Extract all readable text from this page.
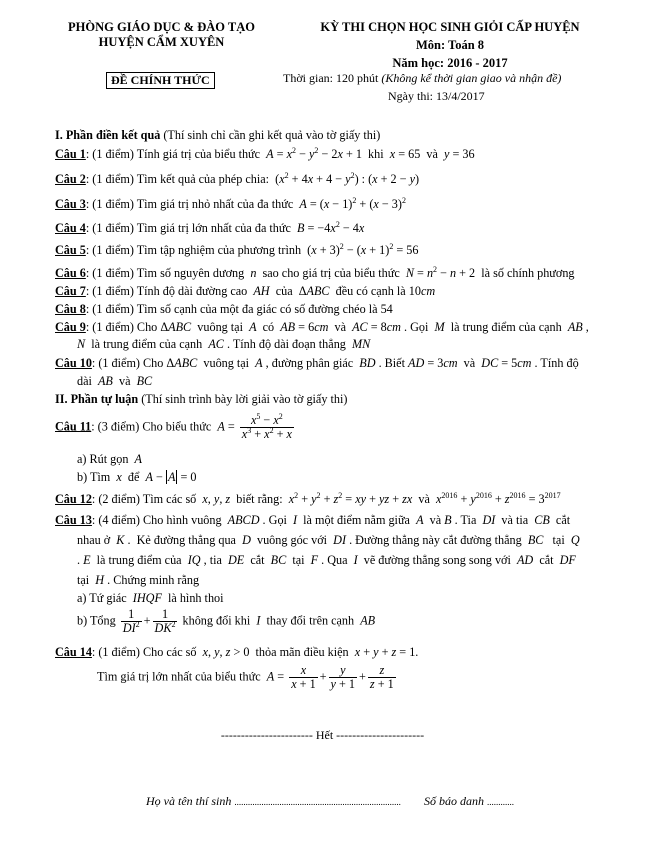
PHÒNG GIÁO DỤC & ĐÀO TẠO
HUYỆN CẨM XUYÊN
KỲ THI CHỌN HỌC SINH GIỎI CẤP HUYỆN
Môn: Toán 8
Năm học: 2016 - 2017
ĐỀ CHÍNH THỨC	Thời gian: 120 phút (Không kể thời gian giao và nhận đề)
Ngày thi: 13/4/2017
I. Phần điền kết quả (Thí sinh chỉ cần ghi kết quả vào tờ giấy thi)
Câu 1: (1 điểm) Tính giá trị của biểu thức  $A = x^2 - y^2 - 2x + 1$  khi  x = 65  và  y = 36
Câu 2: (1 điểm) Tìm kết quả của phép chia:  $(x^2 + 4x + 4 - y^2)$ : (x + 2 − y)
Câu 3: (1 điểm) Tìm giá trị nhỏ nhất của đa thức $A = (x - 1)^2 + (x - 3)^2$
Câu 4: (1 điểm) Tìm giá trị lớn nhất của đa thức $B = -4x^2 - 4x$
Câu 5: (1 điểm) Tìm tập nghiệm của phương trình  $(x + 3)^2 - (x + 1)^2 = 56$
Câu 6: (1 điểm) Tìm số nguyên dương n  sao cho giá trị của biểu thức  $N = n^2 - n + 2$  là số chính phương
Câu 7: (1 điểm) Tính độ dài đường cao AH  của  ΔABC  đều có cạnh là 10cm
Câu 8: (1 điểm) Tìm số cạnh của một đa giác có số đường chéo là 54
Câu 9: (1 điểm) Cho ΔABC  vuông tại  A  có  AB = 6cm  và  AC = 8cm . Gọi  M  là trung điểm của cạnh  AB ,
N  là trung điểm của cạnh  AC . Tính độ dài đoạn thẳng  MN
Câu 10: (1 điểm) Cho ΔABC  vuông tại  A , đường phân giác  BD . Biết AD = 3cm  và  DC = 5cm . Tính độ
dài  AB  và  BC
II. Phần tự luận (Thí sinh trình bày lời giải vào tờ giấy thi)
Câu 11: (3 điểm) Cho biểu thức $A = \frac{x^5 - x^2}{x^3 + x^2 + x}$
a) Rút gọn  A
b) Tìm  x  để  A − A = 0
Câu 12: (2 điểm) Tìm các số x, y, z  biết rằng:  $x^2 + y^2 + z^2$ = xy + yz + zx  và  $x^{2016} + y^{2016} + z^{2016} = 3^{2017}$
Câu 13: (4 điểm) Cho hình vuông ABCD . Gọi  I  là một điểm nằm giữa  A  và B . Tia  DI  và tia  CB  cắt
nhau ở  K .  Kẻ đường thẳng qua  D  vuông góc với  DI . Đường thẳng này cắt đường thẳng  BC   tại  Q
. E  là trung điểm của  IQ , tia  DE  cắt  BC  tại  F . Qua  I  vẽ đường thẳng song song với  AD  cắt  DF
tại  H . Chứng minh rằng
a) Tứ giác  IHQF  là hình thoi
b) Tổng $\frac{1}{DI^2} + \frac{1}{DK^2}$ không đổi khi  I  thay đổi trên cạnh  AB
Câu 14: (1 điểm) Cho các số x, y, z > 0  thỏa mãn điều kiện  x + y + z = 1.
Tìm giá trị lớn nhất của biểu thức  $A = \frac{x}{x + 1} + \frac{y}{y + 1} + \frac{z}{z + 1}$
----------------------- Hết ----------------------
Họ và tên thí sinh .......................................................................... Số báo danh ............
